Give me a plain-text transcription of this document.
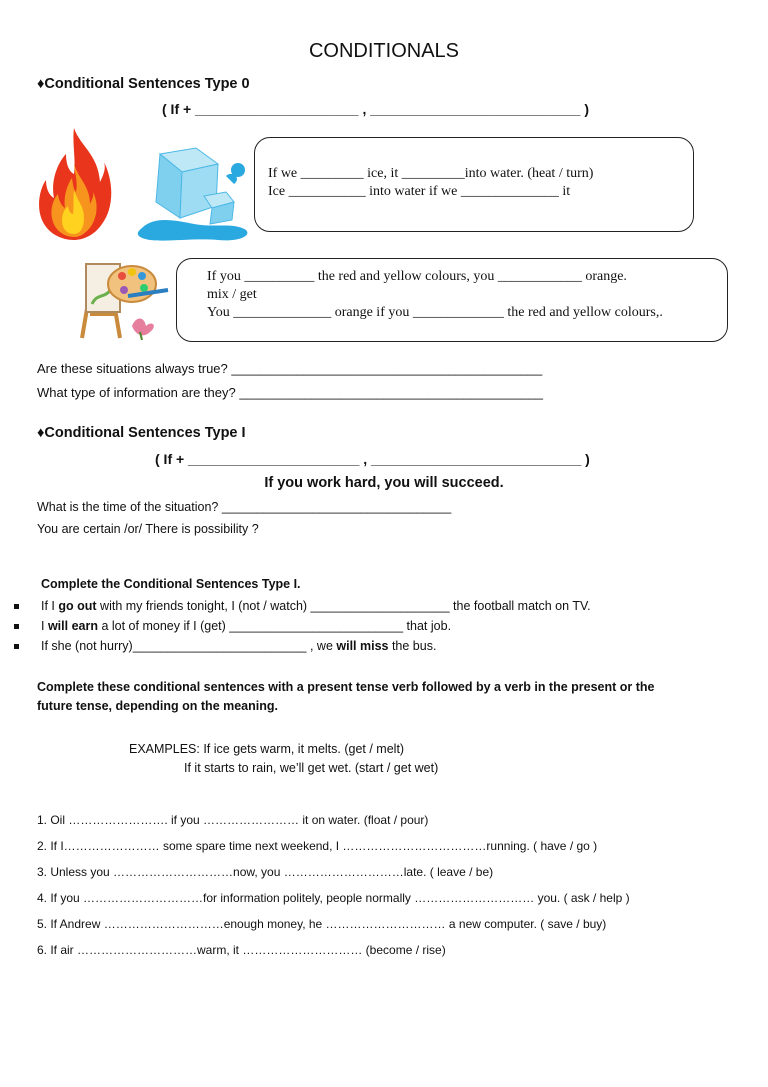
CONDITIONALS
♦Conditional Sentences Type 0
( If + _____________________ , ___________________________ )
If we _________ ice, it _________into water. (heat / turn)
Ice ___________ into water if we ______________ it
If you __________ the red and yellow colours, you ____________ orange.
mix / get
You ______________ orange if you _____________ the red and yellow colours,.
Are these situations always true? ___________________________________________
What type of information are they? __________________________________________
♦Conditional Sentences Type I
( If + ______________________ , ___________________________ )
If you work hard, you will succeed.
What is the time of the situation? _________________________________
You are certain /or/ There is possibility ?
Complete the Conditional Sentences Type I.
If I go out with my friends tonight, I (not / watch) ____________________ the football match on TV.
I will earn a lot of money if I (get) _________________________ that job.
If she (not hurry)_________________________ , we will miss the bus.
Complete these conditional sentences with a present tense verb followed by a verb in the present or the
future tense, depending on the meaning.
EXAMPLES: If ice gets warm, it melts. (get / melt)
If it starts to rain, we’ll get wet. (start / get wet)
1. Oil ……………………. if you …………………… it on water. (float / pour)
2. If I…………………… some spare time next weekend, I ………………………………running. ( have / go )
3. Unless you …………………………now, you …………………………late. ( leave / be)
4. If you …………………………for information politely, people normally ………………………… you. ( ask / help )
5. If Andrew …………………………enough money, he ………………………… a new computer. ( save / buy)
6. If air …………………………warm, it ………………………… (become / rise)
